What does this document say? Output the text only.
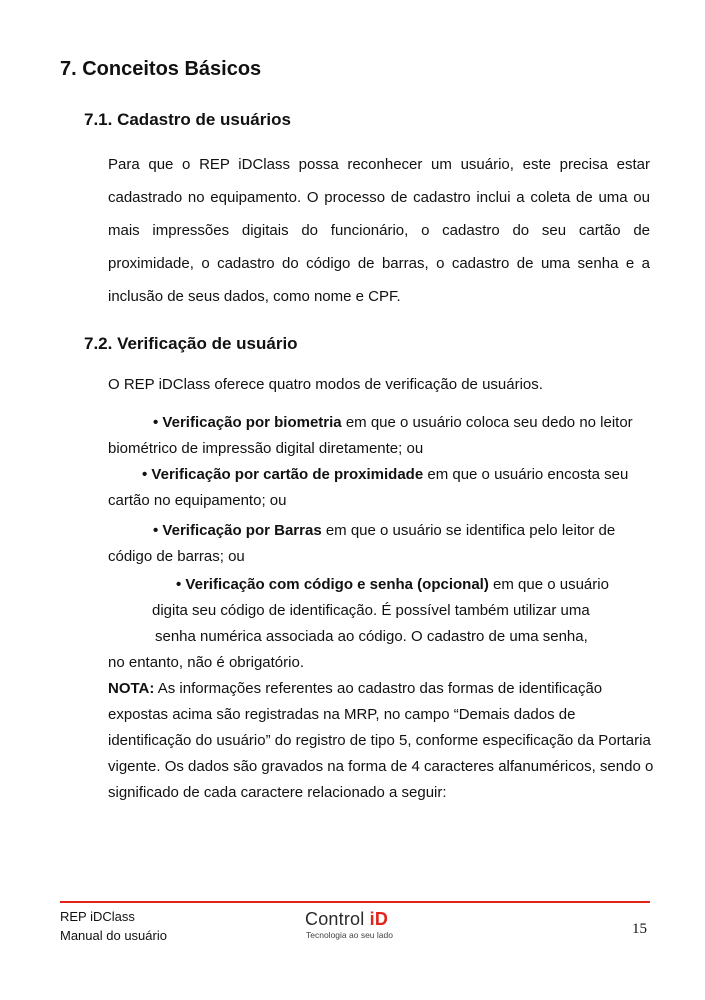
7. Conceitos Básicos
7.1. Cadastro de usuários

Para que o REP iDClass possa reconhecer um usuário, este precisa estar cadastrado no equipamento. O processo de cadastro inclui a coleta de uma ou mais impressões digitais do funcionário, o cadastro do seu cartão de proximidade, o cadastro do código de barras, o cadastro de uma senha e a inclusão de seus dados, como nome e CPF.

7.2. Verificação de usuário

O REP iDClass oferece quatro modos de verificação de usuários.

• Verificação por biometria em que o usuário coloca seu dedo no leitor biométrico de impressão digital diretamente; ou

• Verificação por cartão de proximidade em que o usuário encosta seu cartão no equipamento; ou

• Verificação por Barras em que o usuário se identifica pelo leitor de código de barras; ou

• Verificação com código e senha (opcional) em que o usuário
digita seu código de identificação. É possível também utilizar uma
senha numérica associada ao código. O cadastro de uma senha,
no entanto, não é obrigatório.

NOTA: As informações referentes ao cadastro das formas de identificação expostas acima são registradas na MRP, no campo “Demais dados de identificação do usuário” do registro de tipo 5, conforme especificação da Portaria vigente. Os dados são gravados na forma de 4 caracteres alfanuméricos, sendo o significado de cada caractere relacionado a seguir:

REP iDClass
Manual do usuário
Control iD
Tecnologia ao seu lado	15
